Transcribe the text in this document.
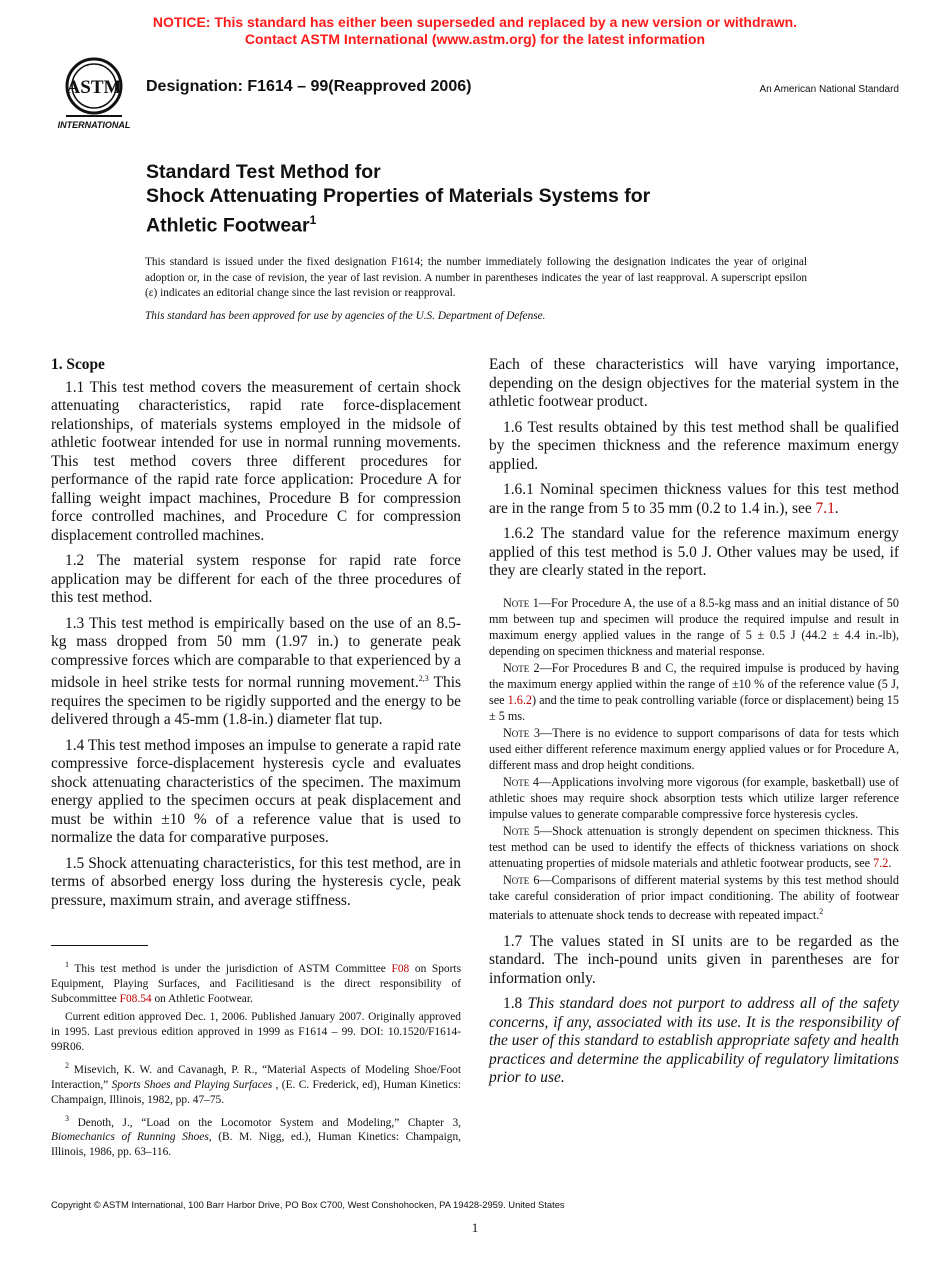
NOTICE: This standard has either been superseded and replaced by a new version or withdrawn.
Contact ASTM International (www.astm.org) for the latest information
ASTM
INTERNATIONAL
Designation: F1614 – 99(Reapproved 2006)	An American National Standard
Standard Test Method for
Shock Attenuating Properties of Materials Systems for
Athletic Footwear$^1$
This standard is issued under the fixed designation F1614; the number immediately following the designation indicates the year of original adoption or, in the case of revision, the year of last revision. A number in parentheses indicates the year of last reapproval. A superscript epsilon (ε) indicates an editorial change since the last revision or reapproval.
This standard has been approved for use by agencies of the U.S. Department of Defense.

1. Scope

1.1 This test method covers the measurement of certain shock attenuating characteristics, rapid rate force-displacement relationships, of materials systems employed in the midsole of athletic footwear intended for use in normal running movements. This test method covers three different procedures for performance of the rapid rate force application: Procedure A for falling weight impact machines, Procedure B for compression force controlled machines, and Procedure C for compression displacement controlled machines.

1.2 The material system response for rapid rate force application may be different for each of the three procedures of this test method.

1.3 This test method is empirically based on the use of an 8.5-kg mass dropped from 50 mm (1.97 in.) to generate peak compressive forces which are comparable to that experienced by a midsole in heel strike tests for normal running movement.$^{2,3}$ This requires the specimen to be rigidly supported and the energy to be delivered through a 45-mm (1.8-in.) diameter flat tup.

1.4 This test method imposes an impulse to generate a rapid rate compressive force-displacement hysteresis cycle and evaluates shock attenuating characteristics of the specimen. The maximum energy applied to the specimen occurs at peak displacement and must be within ±10 % of a reference value that is used to normalize the data for comparative purposes.

1.5 Shock attenuating characteristics, for this test method, are in terms of absorbed energy loss during the hysteresis cycle, peak pressure, maximum strain, and average stiffness.

$^1$ This test method is under the jurisdiction of ASTM Committee F08 on Sports Equipment, Playing Surfaces, and Facilitiesand is the direct responsibility of Subcommittee F08.54 on Athletic Footwear.

Current edition approved Dec. 1, 2006. Published January 2007. Originally approved in 1995. Last previous edition approved in 1999 as F1614 – 99. DOI: 10.1520/F1614-99R06.

$^2$ Misevich, K. W. and Cavanagh, P. R., “Material Aspects of Modeling Shoe/Foot Interaction,” Sports Shoes and Playing Surfaces , (E. C. Frederick, ed), Human Kinetics: Champaign, Illinois, 1982, pp. 47–75.

$^3$ Denoth, J., “Load on the Locomotor System and Modeling,” Chapter 3, Biomechanics of Running Shoes, (B. M. Nigg, ed.), Human Kinetics: Champaign, Illinois, 1986, pp. 63–116.

Each of these characteristics will have varying importance, depending on the design objectives for the material system in the athletic footwear product.

1.6 Test results obtained by this test method shall be qualified by the specimen thickness and the reference maximum energy applied.

1.6.1 Nominal specimen thickness values for this test method are in the range from 5 to 35 mm (0.2 to 1.4 in.), see 7.1.

1.6.2 The standard value for the reference maximum energy applied of this test method is 5.0 J. Other values may be used, if they are clearly stated in the report.

Note 1—For Procedure A, the use of a 8.5-kg mass and an initial distance of 50 mm between tup and specimen will produce the required impulse and result in maximum energy applied values in the range of 5 ± 0.5 J (44.2 ± 4.4 in.-lb), depending on specimen thickness and material response.

Note 2—For Procedures B and C, the required impulse is produced by having the maximum energy applied within the range of ±10 % of the reference value (5 J, see 1.6.2) and the time to peak controlling variable (force or displacement) being 15 ± 5 ms.

Note 3—There is no evidence to support comparisons of data for tests which used either different reference maximum energy applied values or for Procedure A, different mass and drop height conditions.

Note 4—Applications involving more vigorous (for example, basketball) use of athletic shoes may require shock absorption tests which utilize larger reference impulse values to generate comparable compressive force hysteresis cycles.

Note 5—Shock attenuation is strongly dependent on specimen thickness. This test method can be used to identify the effects of thickness variations on shock attenuating properties of midsole materials and athletic footwear products, see 7.2.

Note 6—Comparisons of different material systems by this test method should take careful consideration of prior impact conditioning. The ability of footwear materials to attenuate shock tends to decrease with repeated impact.$^2$

1.7 The values stated in SI units are to be regarded as the standard. The inch-pound units given in parentheses are for information only.

1.8 This standard does not purport to address all of the safety concerns, if any, associated with its use. It is the responsibility of the user of this standard to establish appropriate safety and health practices and determine the applicability of regulatory limitations prior to use.

Copyright © ASTM International, 100 Barr Harbor Drive, PO Box C700, West Conshohocken, PA 19428-2959. United States
1
